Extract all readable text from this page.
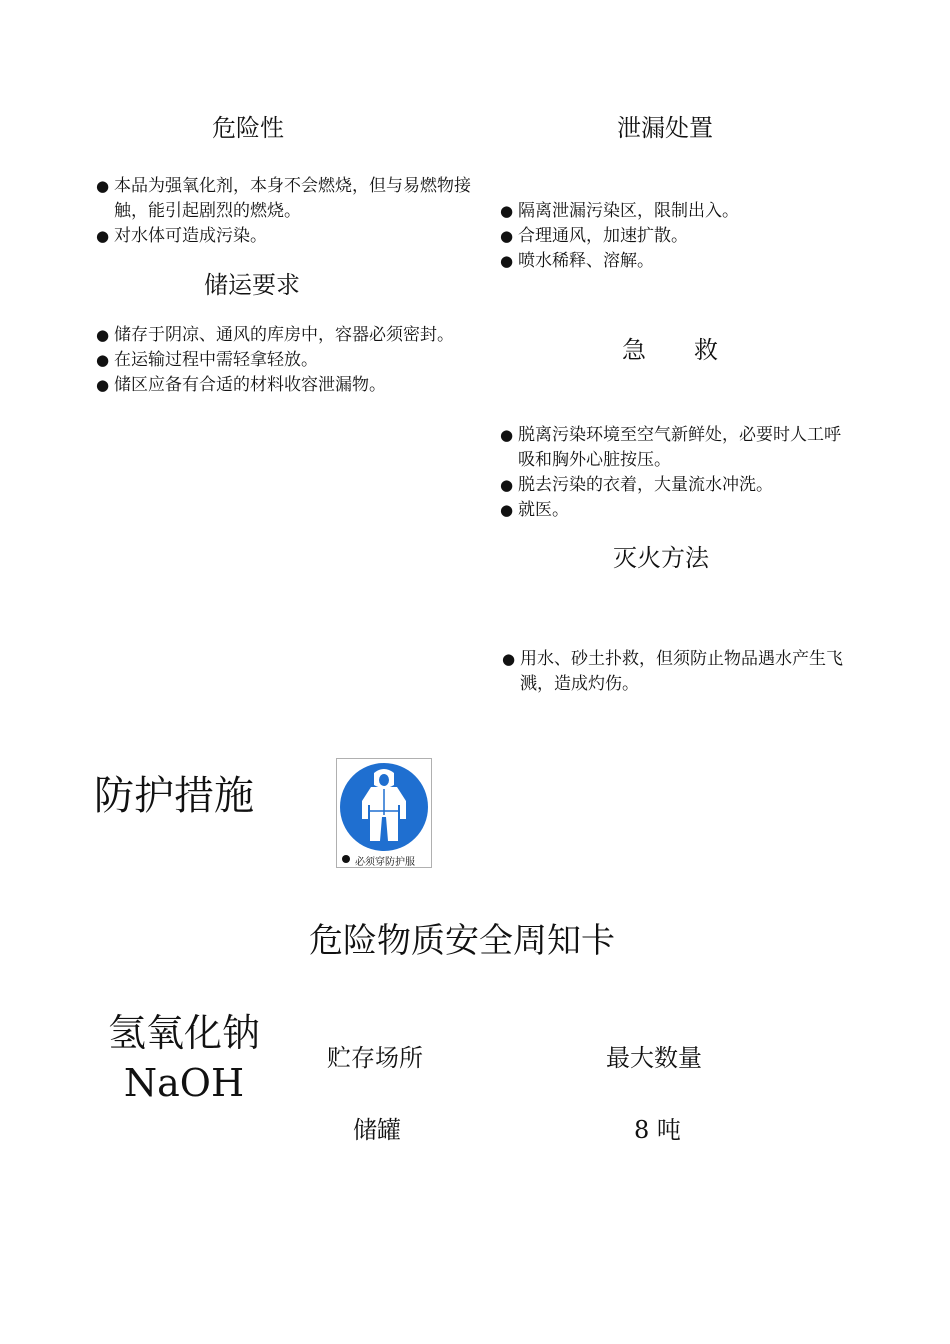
危险性
● 本品为强氧化剂，本身不会燃烧，但与易燃物接触，能引起剧烈的燃烧。
● 对水体可造成污染。
储运要求
● 储存于阴凉、通风的库房中，容器必须密封。
● 在运输过程中需轻拿轻放。
● 储区应备有合适的材料收容泄漏物。
泄漏处置
● 隔离泄漏污染区，限制出入。
● 合理通风，加速扩散。
● 喷水稀释、溶解。
急　　救
● 脱离污染环境至空气新鲜处，必要时人工呼吸和胸外心脏按压。
● 脱去污染的衣着，大量流水冲洗。
● 就医。
灭火方法
● 用水、砂土扑救，但须防止物品遇水产生飞溅，造成灼伤。
防护措施
必须穿防护服
危险物质安全周知卡
氢氧化钠
NaOH
贮存场所	最大数量
储罐	8 吨
